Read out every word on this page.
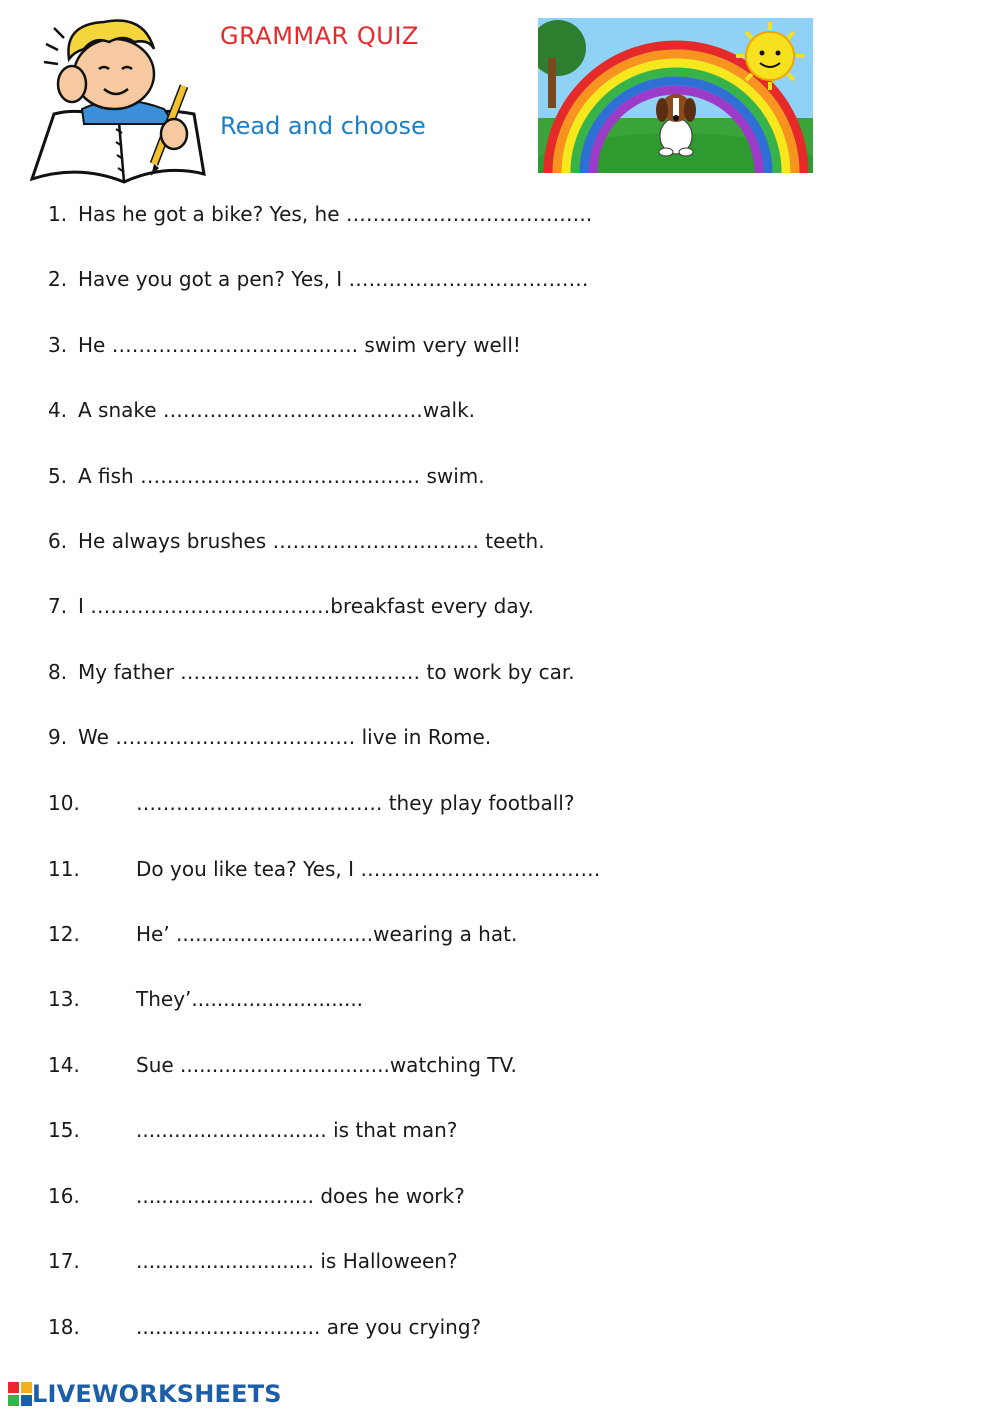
GRAMMAR QUIZ
Read and choose
1. Has he got a bike? Yes, he ……………………………….
2. Have you got a pen? Yes, I ………………………………
3. He ………………………………. swim very well!
4. A snake …………………………………walk.
5. A fish …………………………………… swim.
6. He always brushes …………………………. teeth.
7. I ………………………………breakfast every day.
8. My father ……………………………… to work by car.
9. We ……………………………… live in Rome.
10.	………………………………. they play football?
11.	Do you like tea? Yes, I ………………………………
12.	He’ ...............................wearing a hat.
13.	They’...........................
14.	Sue .................................watching TV.
15.	.............................. is that man?
16.	............................ does he work?
17.	............................ is Halloween?
18.	............................. are you crying?
LIVEWORKSHEETS
